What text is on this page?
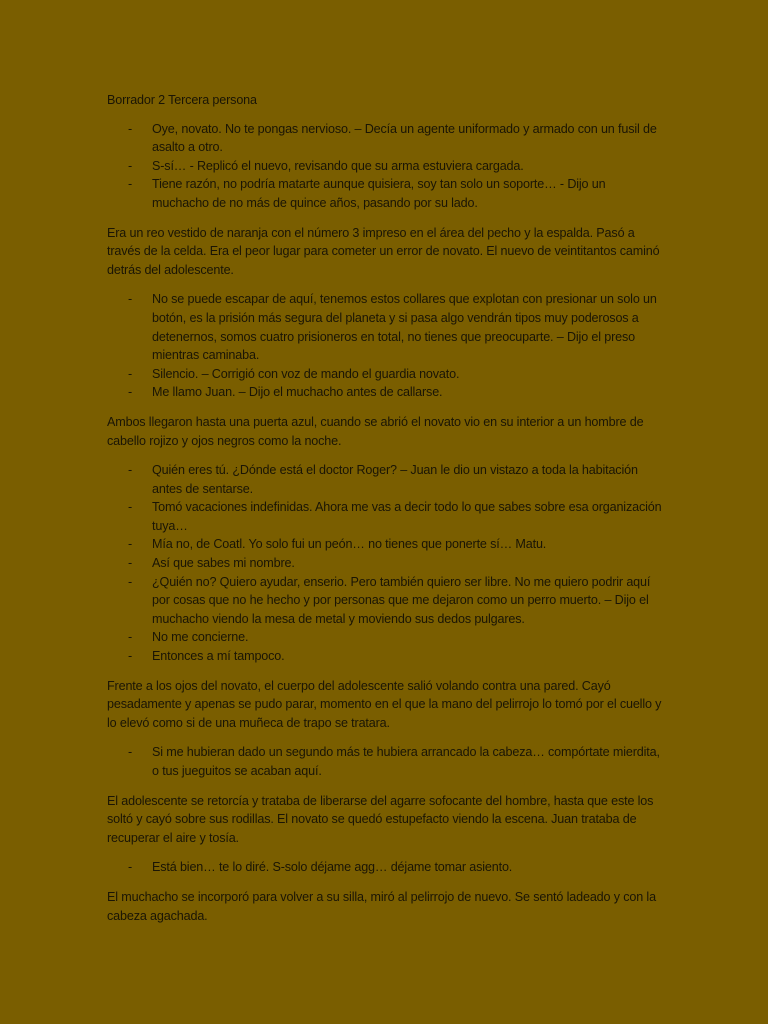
Borrador 2 Tercera persona
- Oye, novato. No te pongas nervioso. – Decía un agente uniformado y armado con un fusil de asalto a otro.
- S-sí… - Replicó el nuevo, revisando que su arma estuviera cargada.
- Tiene razón, no podría matarte aunque quisiera, soy tan solo un soporte… - Dijo un muchacho de no más de quince años, pasando por su lado.

Era un reo vestido de naranja con el número 3 impreso en el área del pecho y la espalda. Pasó a través de la celda. Era el peor lugar para cometer un error de novato. El nuevo de veintitantos caminó detrás del adolescente.

- No se puede escapar de aquí, tenemos estos collares que explotan con presionar un solo un botón, es la prisión más segura del planeta y si pasa algo vendrán tipos muy poderosos a detenernos, somos cuatro prisioneros en total, no tienes que preocuparte. – Dijo el preso mientras caminaba.
- Silencio. – Corrigió con voz de mando el guardia novato.
- Me llamo Juan. – Dijo el muchacho antes de callarse.

Ambos llegaron hasta una puerta azul, cuando se abrió el novato vio en su interior a un hombre de cabello rojizo y ojos negros como la noche.

- Quién eres tú. ¿Dónde está el doctor Roger? – Juan le dio un vistazo a toda la habitación antes de sentarse.
- Tomó vacaciones indefinidas. Ahora me vas a decir todo lo que sabes sobre esa organización tuya…
- Mía no, de Coatl. Yo solo fui un peón… no tienes que ponerte sí… Matu.
- Así que sabes mi nombre.
- ¿Quién no? Quiero ayudar, enserio. Pero también quiero ser libre. No me quiero podrir aquí por cosas que no he hecho y por personas que me dejaron como un perro muerto. – Dijo el muchacho viendo la mesa de metal y moviendo sus dedos pulgares.
- No me concierne.
- Entonces a mí tampoco.

Frente a los ojos del novato, el cuerpo del adolescente salió volando contra una pared. Cayó pesadamente y apenas se pudo parar, momento en el que la mano del pelirrojo lo tomó por el cuello y lo elevó como si de una muñeca de trapo se tratara.

- Si me hubieran dado un segundo más te hubiera arrancado la cabeza… compórtate mierdita, o tus jueguitos se acaban aquí.

El adolescente se retorcía y trataba de liberarse del agarre sofocante del hombre, hasta que este los soltó y cayó sobre sus rodillas. El novato se quedó estupefacto viendo la escena. Juan trataba de recuperar el aire y tosía.

- Está bien… te lo diré. S-solo déjame agg… déjame tomar asiento.

El muchacho se incorporó para volver a su silla, miró al pelirrojo de nuevo. Se sentó ladeado y con la cabeza agachada.
